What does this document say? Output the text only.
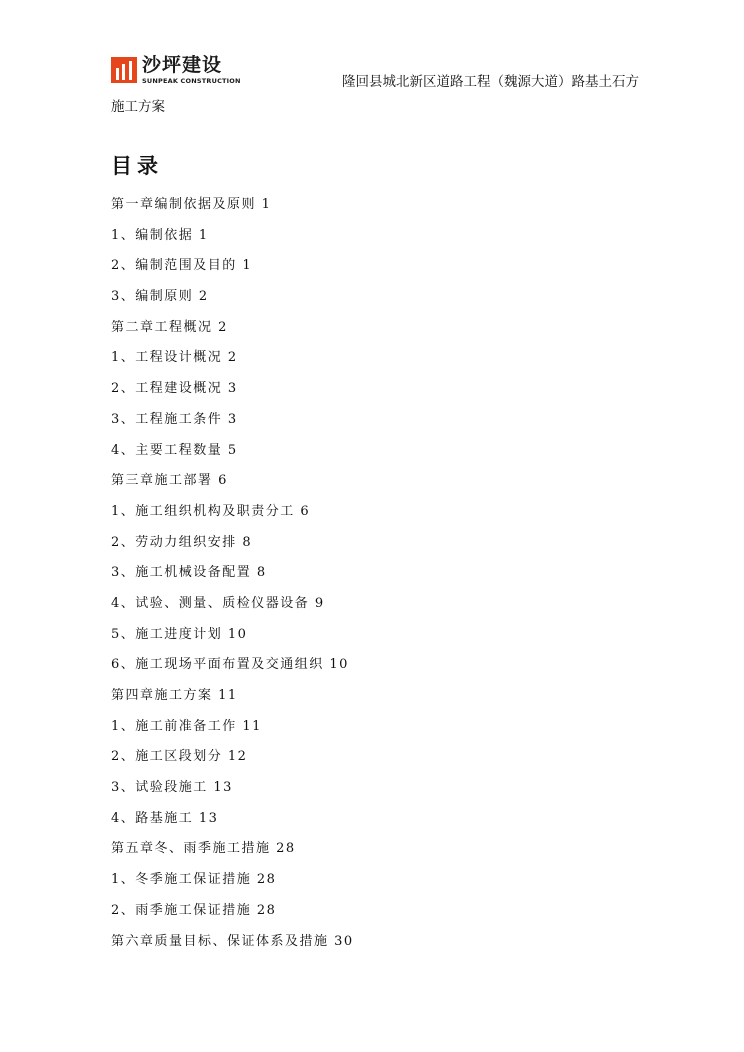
沙坪建设
SUNPEAK CONSTRUCTION	隆回县城北新区道路工程（魏源大道）路基土石方
施工方案
目录
第一章编制依据及原则 1
1、编制依据 1
2、编制范围及目的 1
3、编制原则 2
第二章工程概况 2
1、工程设计概况 2
2、工程建设概况 3
3、工程施工条件 3
4、主要工程数量 5
第三章施工部署 6
1、施工组织机构及职责分工 6
2、劳动力组织安排 8
3、施工机械设备配置 8
4、试验、测量、质检仪器设备 9
5、施工进度计划 10
6、施工现场平面布置及交通组织 10
第四章施工方案 11
1、施工前准备工作 11
2、施工区段划分 12
3、试验段施工 13
4、路基施工 13
第五章冬、雨季施工措施 28
1、冬季施工保证措施 28
2、雨季施工保证措施 28
第六章质量目标、保证体系及措施 30
